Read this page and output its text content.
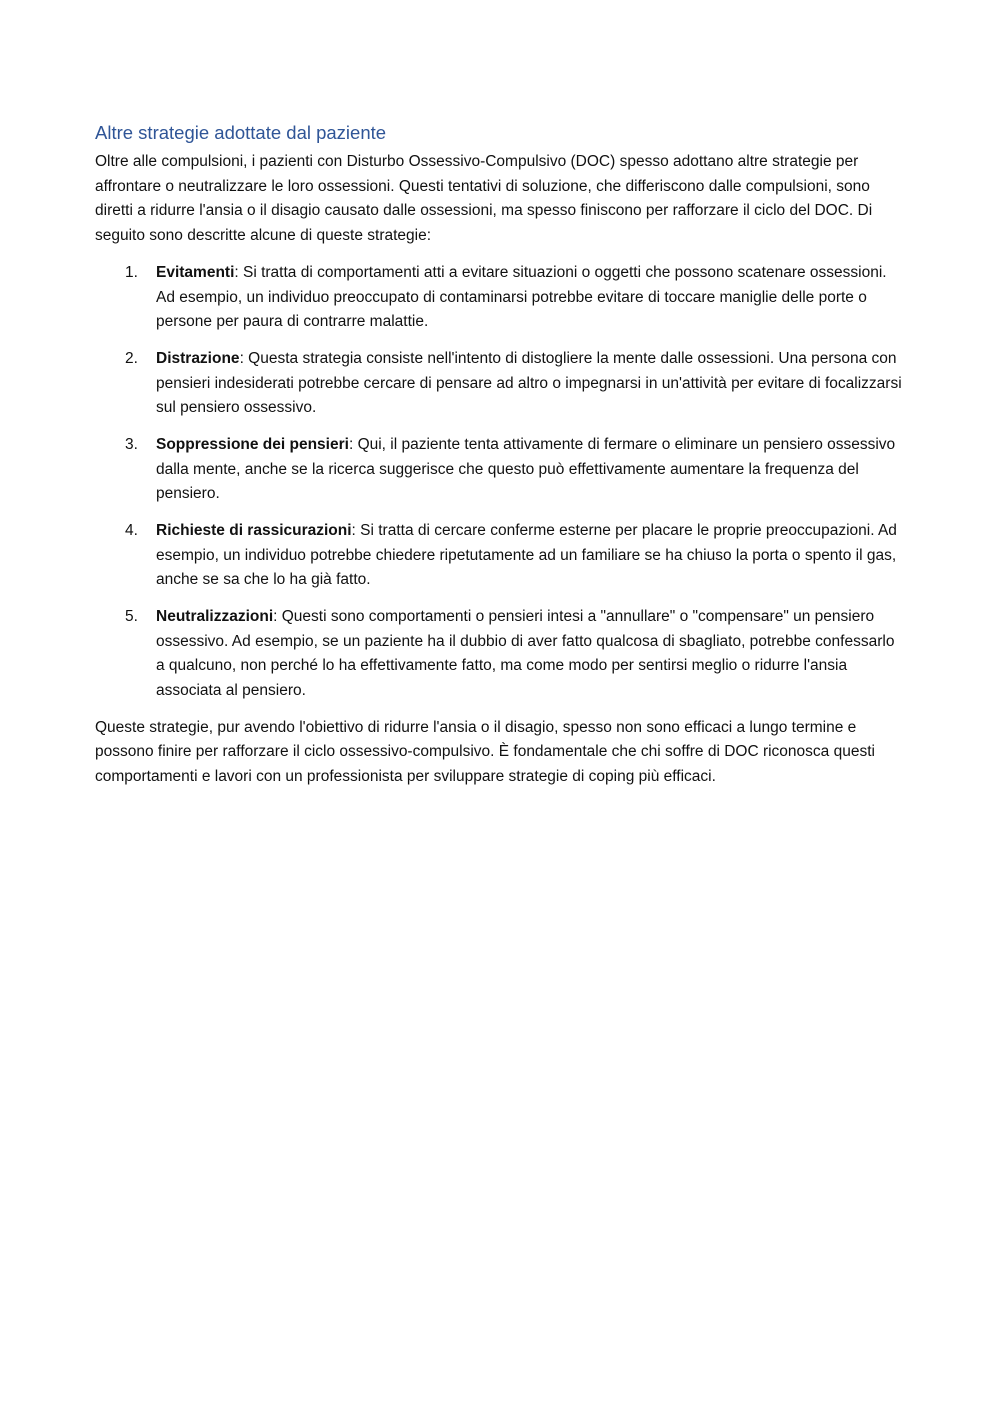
Altre strategie adottate dal paziente

Oltre alle compulsioni, i pazienti con Disturbo Ossessivo-Compulsivo (DOC) spesso adottano altre strategie per affrontare o neutralizzare le loro ossessioni. Questi tentativi di soluzione, che differiscono dalle compulsioni, sono diretti a ridurre l'ansia o il disagio causato dalle ossessioni, ma spesso finiscono per rafforzare il ciclo del DOC. Di seguito sono descritte alcune di queste strategie:

1. Evitamenti: Si tratta di comportamenti atti a evitare situazioni o oggetti che possono scatenare ossessioni. Ad esempio, un individuo preoccupato di contaminarsi potrebbe evitare di toccare maniglie delle porte o persone per paura di contrarre malattie.
2. Distrazione: Questa strategia consiste nell'intento di distogliere la mente dalle ossessioni. Una persona con pensieri indesiderati potrebbe cercare di pensare ad altro o impegnarsi in un'attività per evitare di focalizzarsi sul pensiero ossessivo.
3. Soppressione dei pensieri: Qui, il paziente tenta attivamente di fermare o eliminare un pensiero ossessivo dalla mente, anche se la ricerca suggerisce che questo può effettivamente aumentare la frequenza del pensiero.
4. Richieste di rassicurazioni: Si tratta di cercare conferme esterne per placare le proprie preoccupazioni. Ad esempio, un individuo potrebbe chiedere ripetutamente ad un familiare se ha chiuso la porta o spento il gas, anche se sa che lo ha già fatto.
5. Neutralizzazioni: Questi sono comportamenti o pensieri intesi a "annullare" o "compensare" un pensiero ossessivo. Ad esempio, se un paziente ha il dubbio di aver fatto qualcosa di sbagliato, potrebbe confessarlo a qualcuno, non perché lo ha effettivamente fatto, ma come modo per sentirsi meglio o ridurre l'ansia associata al pensiero.

Queste strategie, pur avendo l'obiettivo di ridurre l'ansia o il disagio, spesso non sono efficaci a lungo termine e possono finire per rafforzare il ciclo ossessivo-compulsivo. È fondamentale che chi soffre di DOC riconosca questi comportamenti e lavori con un professionista per sviluppare strategie di coping più efficaci.
